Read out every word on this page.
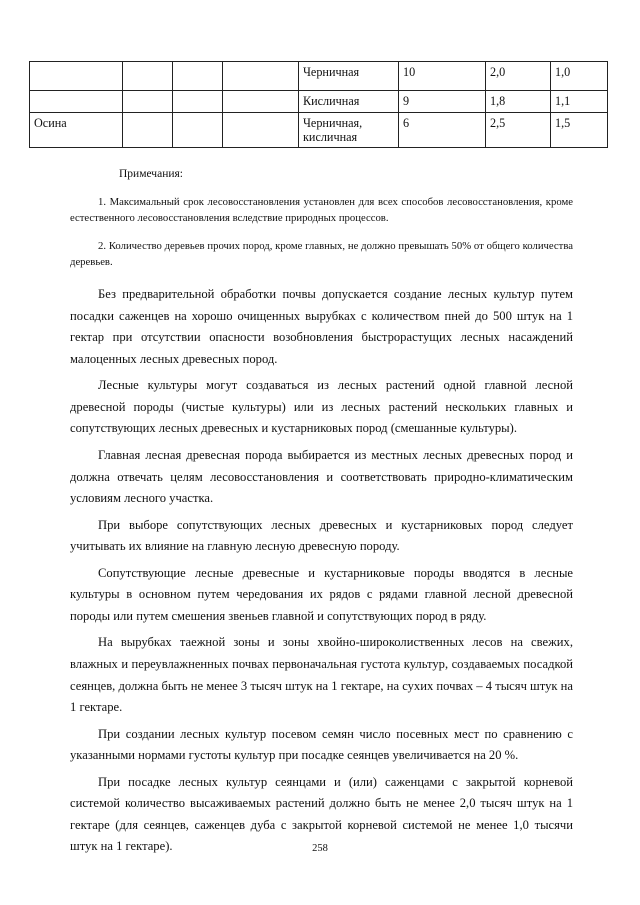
				Черничная	10	2,0	1,0
				Кисличная	9	1,8	1,1
Осина				Черничная, кисличная	6	2,5	1,5
Примечания:
1. Максимальный срок лесовосстановления установлен для всех способов лесовосстановления, кроме естественного лесовосстановления вследствие природных процессов.
2. Количество деревьев прочих пород, кроме главных, не должно превышать 50% от общего количества деревьев.

Без предварительной обработки почвы допускается создание лесных культур путем посадки саженцев на хорошо очищенных вырубках с количеством пней до 500 штук на 1 гектар при отсутствии опасности возобновления быстрорастущих лесных насаждений малоценных лесных древесных пород.

Лесные культуры могут создаваться из лесных растений одной главной лесной древесной породы (чистые культуры) или из лесных растений нескольких главных и сопутствующих лесных древесных и кустарниковых пород (смешанные культуры).

Главная лесная древесная порода выбирается из местных лесных древесных пород и должна отвечать целям лесовосстановления и соответствовать природно-климатическим условиям лесного участка.

При выборе сопутствующих лесных древесных и кустарниковых пород следует учитывать их влияние на главную лесную древесную породу.

Сопутствующие лесные древесные и кустарниковые породы вводятся в лесные культуры в основном путем чередования их рядов с рядами главной лесной древесной породы или путем смешения звеньев главной и сопутствующих пород в ряду.

На вырубках таежной зоны и зоны хвойно-широколиственных лесов на свежих, влажных и переувлажненных почвах первоначальная густота культур, создаваемых посадкой сеянцев, должна быть не менее 3 тысяч штук на 1 гектаре, на сухих почвах – 4 тысяч штук на 1 гектаре.

При создании лесных культур посевом семян число посевных мест по сравнению с указанными нормами густоты культур при посадке сеянцев увеличивается на 20 %.

При посадке лесных культур сеянцами и (или) саженцами с закрытой корневой системой количество высаживаемых растений должно быть не менее 2,0 тысяч штук на 1 гектаре (для сеянцев, саженцев дуба с закрытой корневой системой не менее 1,0 тысячи штук на 1 гектаре).	258
